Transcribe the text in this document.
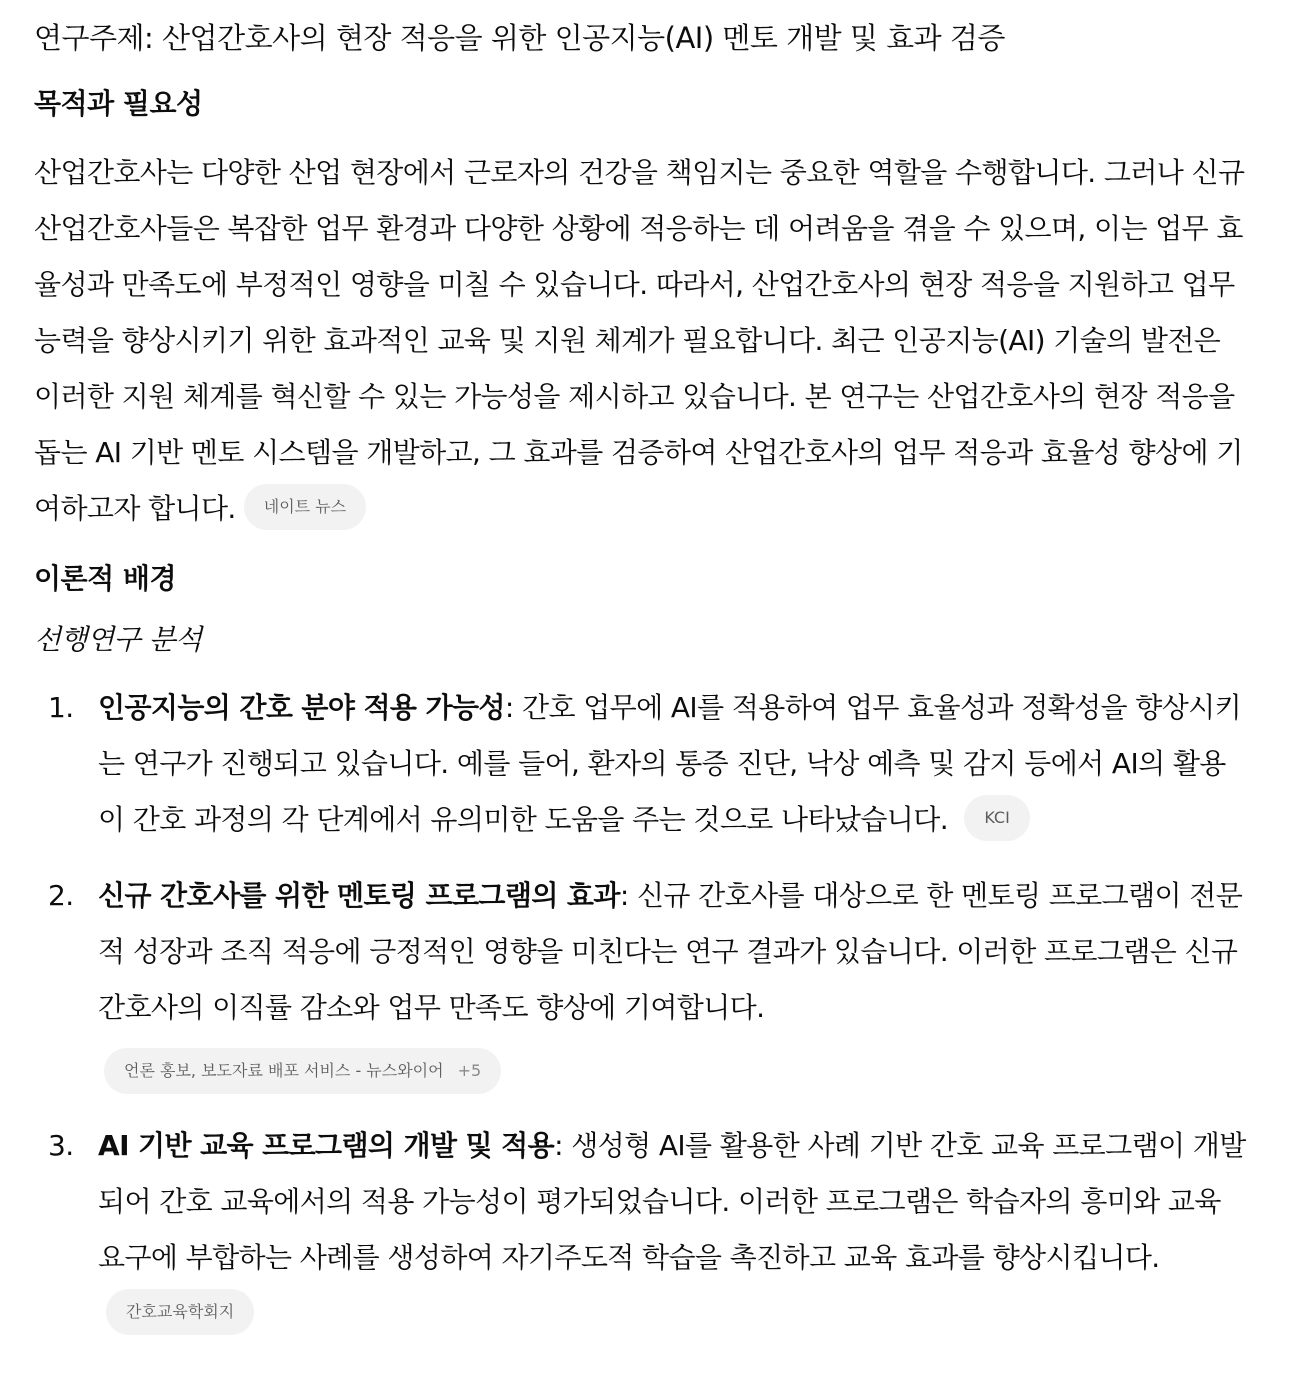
연구주제: 산업간호사의 현장 적응을 위한 인공지능(AI) 멘토 개발 및 효과 검증
목적과 필요성

산업간호사는 다양한 산업 현장에서 근로자의 건강을 책임지는 중요한 역할을 수행합니다. 그러나 신규 산업간호사들은 복잡한 업무 환경과 다양한 상황에 적응하는 데 어려움을 겪을 수 있으며, 이는 업무 효율성과 만족도에 부정적인 영향을 미칠 수 있습니다. 따라서, 산업간호사의 현장 적응을 지원하고 업무 능력을 향상시키기 위한 효과적인 교육 및 지원 체계가 필요합니다. 최근 인공지능(AI) 기술의 발전은 이러한 지원 체계를 혁신할 수 있는 가능성을 제시하고 있습니다. 본 연구는 산업간호사의 현장 적응을 돕는 AI 기반 멘토 시스템을 개발하고, 그 효과를 검증하여 산업간호사의 업무 적응과 효율성 향상에 기여하고자 합니다. 네이트 뉴스

이론적 배경
선행연구 분석
1. 인공지능의 간호 분야 적용 가능성: 간호 업무에 AI를 적용하여 업무 효율성과 정확성을 향상시키는 연구가 진행되고 있습니다. 예를 들어, 환자의 통증 진단, 낙상 예측 및 감지 등에서 AI의 활용이 간호 과정의 각 단계에서 유의미한 도움을 주는 것으로 나타났습니다. KCI
2. 신규 간호사를 위한 멘토링 프로그램의 효과: 신규 간호사를 대상으로 한 멘토링 프로그램이 전문적 성장과 조직 적응에 긍정적인 영향을 미친다는 연구 결과가 있습니다. 이러한 프로그램은 신규 간호사의 이직률 감소와 업무 만족도 향상에 기여합니다.
언론 홍보, 보도자료 배포 서비스 - 뉴스와이어 +5
3. AI 기반 교육 프로그램의 개발 및 적용: 생성형 AI를 활용한 사례 기반 간호 교육 프로그램이 개발되어 간호 교육에서의 적용 가능성이 평가되었습니다. 이러한 프로그램은 학습자의 흥미와 교육 요구에 부합하는 사례를 생성하여 자기주도적 학습을 촉진하고 교육 효과를 향상시킵니다. 간호교육학회지
